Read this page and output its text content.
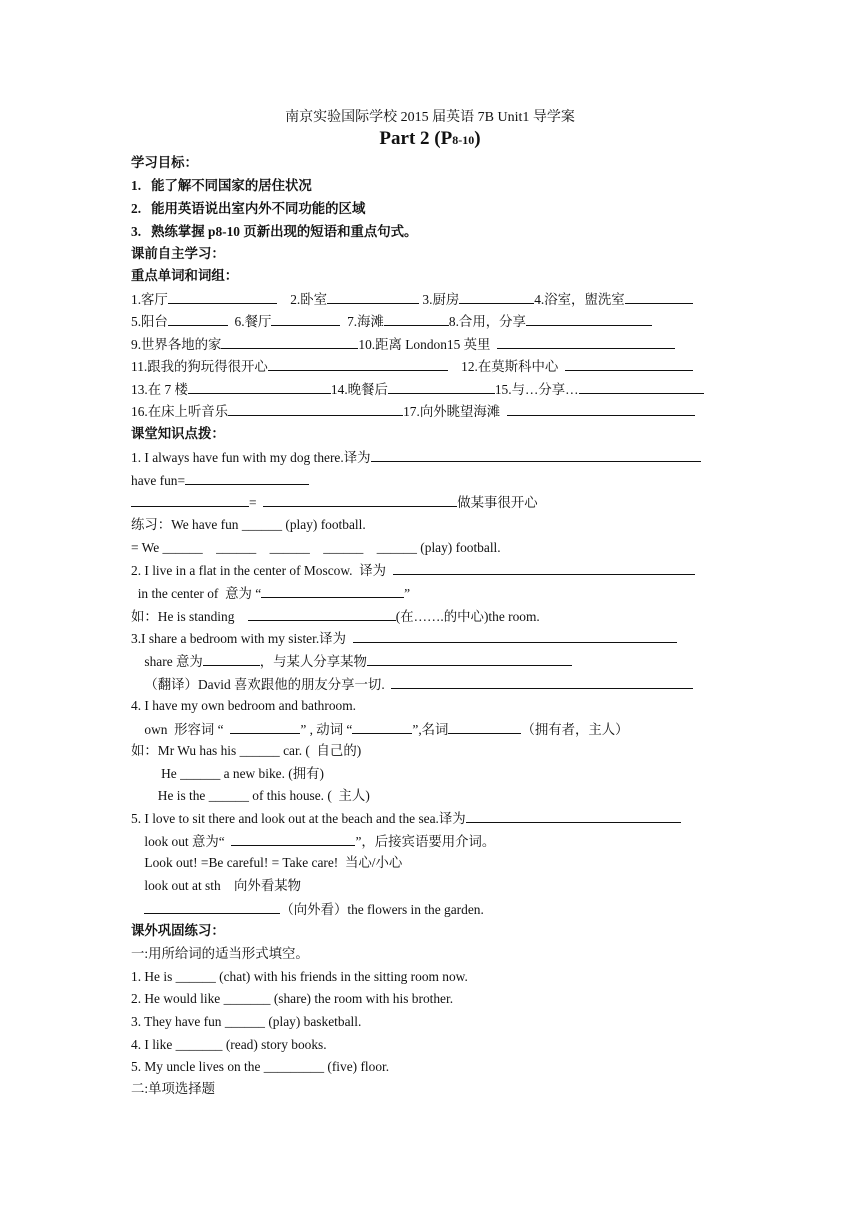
南京实验国际学校 2015 届英语 7B Unit1 导学案
Part 2 (P8-10)
学习目标：
1.   能了解不同国家的居住状况
2.   能用英语说出室内外不同功能的区域
3.   熟练掌握 p8-10 页新出现的短语和重点句式。
课前自主学习：
重点单词和词组：
1.客厅	2.卧室	3.厨房	4.浴室，盥洗室
5.阳台	6.餐厅	7.海滩	8.合用，分享
9.世界各地的家	10.距离 London15 英里
11.跟我的狗玩得很开心	12.在莫斯科中心
13.在 7 楼	14.晚餐后	15.与…分享…
16.在床上听音乐	17.向外眺望海滩
课堂知识点拨：
1. I always have fun with my dog there.译为
have fun=
=	做某事很开心
练习：We have fun ______ (play) football.
= We ______    ______    ______    ______    ______ (play) football.
2. I live in a flat in the center of Moscow.  译为
in the center of  意为 “	”
如：He is standing	(在…….的中心)the room.
3.I share a bedroom with my sister.译为
share 意为	，与某人分享某物
（翻译）David 喜欢跟他的朋友分享一切.
4. I have my own bedroom and bathroom.
own  形容词 “	” , 动词 “	”,名词	（拥有者，主人）
如：Mr Wu has his ______ car. (  自己的)
He ______ a new bike. (拥有)
He is the ______ of this house. (  主人)
5. I love to sit there and look out at the beach and the sea.译为
look out 意为“	”，后接宾语要用介词。
Look out! =Be careful! = Take care!  当心/小心
look out at sth    向外看某物
（向外看）the flowers in the garden.
课外巩固练习：
一:用所给词的适当形式填空。
1. He is ______ (chat) with his friends in the sitting room now.
2. He would like _______ (share) the room with his brother.
3. They have fun ______ (play) basketball.
4. I like _______ (read) story books.
5. My uncle lives on the _________ (five) floor.
二:单项选择题
